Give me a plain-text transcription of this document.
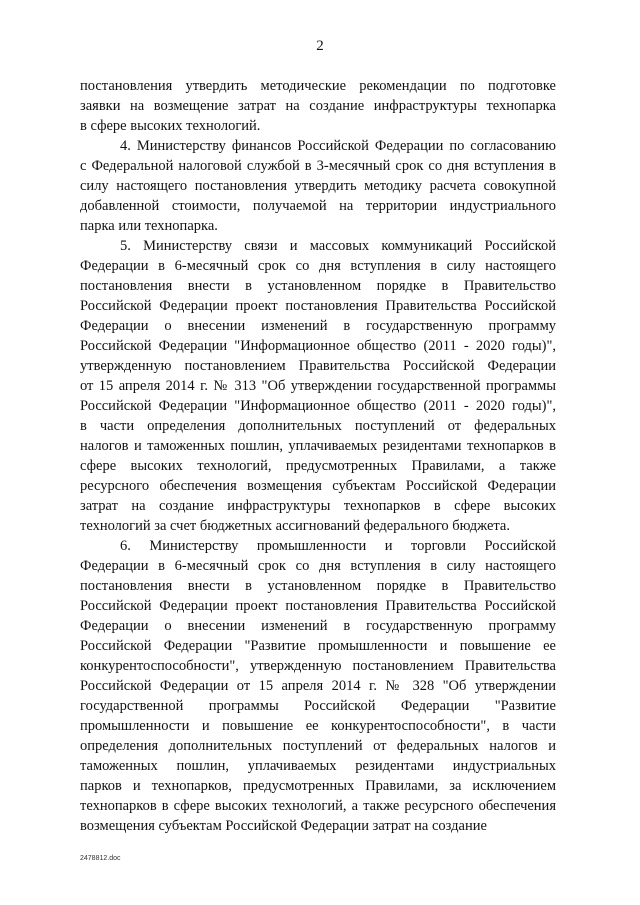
2
постановления утвердить методические рекомендации по подготовке
заявки на возмещение затрат на создание инфраструктуры технопарка
в сфере высоких технологий.
4. Министерству финансов Российской Федерации по согласованию
с Федеральной налоговой службой в 3-месячный срок со дня вступления в
силу настоящего постановления утвердить методику расчета совокупной
добавленной стоимости, получаемой на территории индустриального
парка или технопарка.
5. Министерству связи и массовых коммуникаций Российской
Федерации в 6-месячный срок со дня вступления в силу настоящего
постановления внести в установленном порядке в Правительство
Российской Федерации проект постановления Правительства Российской
Федерации о внесении изменений в государственную программу
Российской Федерации "Информационное общество (2011 - 2020 годы)",
утвержденную постановлением Правительства Российской Федерации
от 15 апреля 2014 г. № 313 "Об утверждении государственной программы
Российской Федерации "Информационное общество (2011 - 2020 годы)",
в части определения дополнительных поступлений от федеральных
налогов и таможенных пошлин, уплачиваемых резидентами технопарков в
сфере высоких технологий, предусмотренных Правилами, а также
ресурсного обеспечения возмещения субъектам Российской Федерации
затрат на создание инфраструктуры технопарков в сфере высоких
технологий за счет бюджетных ассигнований федерального бюджета.
6. Министерству промышленности и торговли Российской
Федерации в 6-месячный срок со дня вступления в силу настоящего
постановления внести в установленном порядке в Правительство
Российской Федерации проект постановления Правительства Российской
Федерации о внесении изменений в государственную программу
Российской Федерации "Развитие промышленности и повышение ее
конкурентоспособности", утвержденную постановлением Правительства
Российской Федерации от 15 апреля 2014 г. № 328 "Об утверждении
государственной программы Российской Федерации "Развитие
промышленности и повышение ее конкурентоспособности", в части
определения дополнительных поступлений от федеральных налогов и
таможенных пошлин, уплачиваемых резидентами индустриальных
парков и технопарков, предусмотренных Правилами, за исключением
технопарков в сфере высоких технологий, а также ресурсного обеспечения
возмещения субъектам Российской Федерации затрат на создание
2478812.doc
